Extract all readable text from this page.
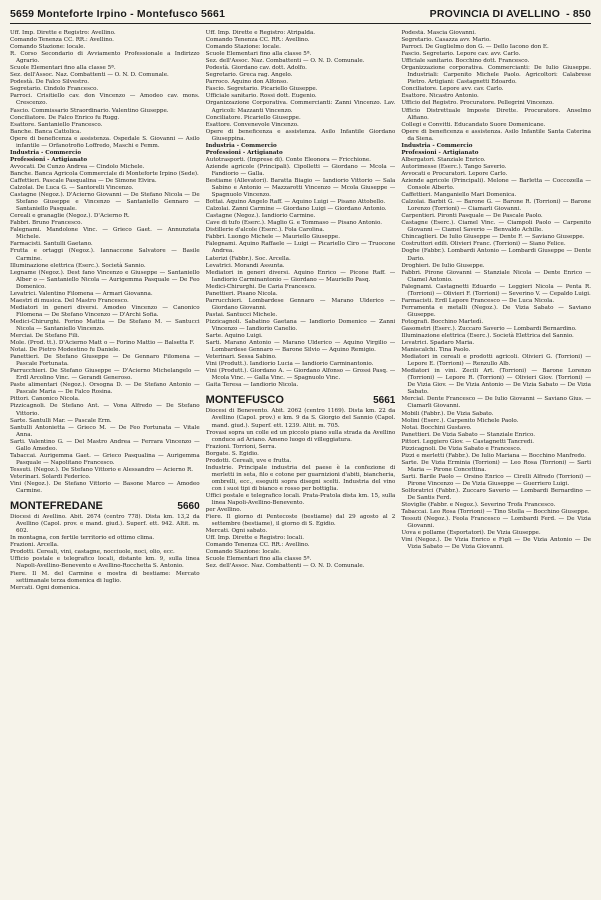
5659 Monteforte Irpino - Montefusco 5661	PROVINCIA DI AVELLINO - 850

Uff. Imp. Dirette e Registro: Avellino.

Comando Tenenza CC. RR.: Avellino.

Comando Stazione: locale.

R. Corso Secondario di Avviamento Professionale a Indirizzo Agrario.

Scuole Elementari fino alla classe 5ª.

Sez. dell'Assoc. Naz. Combattenti — O. N. D. Comunale.

Podestà. De Falco Silvestro.

Segretario. Cindolo Francesco.

Parroci. Crisitiello cav. don Vincenzo — Amodeo cav. mons. Crescenzo.

Fascio. Commissario Straordinario. Valentino Giuseppe.

Conciliatore. De Falco Enrico fu Rugg.

Esattore. Santaniello Francesco.

Banche. Banca Cattolica.

Opere di beneficenza e assistenza. Ospedale S. Giovanni — Asilo infantile — Orfanotrofio Loffredo, Maschi e Femm.

Industria - Commercio

Professioni - Artigianato

Avvocati. De Cunzo Andrea — Cindolo Michele.

Banche. Banca Agricola Commerciale di Monteforte Irpino (Sede).

Caffettieri. Pascale Pasqualina — De Simone Elvira.

Calzolai. De Luca G. — Santorelli Vincenzo.

Castagne (Negoz.). D'Acierno Giovanni — De Stefano Nicola — De Stefano Giuseppe e Vincenzo — Santaniello Gennaro — Santaniello Pasquale.

Cereali e granaglie (Negoz.). D'Acierno R.

Fabbri. Bruno Francesco.

Falegnami. Mandolone Vinc. — Grieco Gaet. — Annunziata Michele.

Farmacisti. Santulli Gaetano.

Frutta e ortaggi (Negoz.). Iannaccone Salvatore — Basile Carmine.

Illuminazione elettrica (Eserc.). Società Sannio.

Legname (Negoz.). Dest fano Vincenzo e Giuseppe — Santaniello Alber o — Santaniello Nicola — Aurigemma Pasquale — De Feo Domenico.

Levatrici. Valentino Filomena — Armari Giovanna.

Maestri di musica. Del Mastro Francesco.

Mediatori in generi diversi. Amodeo Vincenzo — Canonico Filomena — De Stefano Vincenzo — D'Archi Sofia.

Medici-Chirurghi. Forino Mattia — De Stefano M. — Santucci Nicola — Santaniello Vincenzo.

Merciai. De Stefano Fili.

Mole. (Prod. tt.). D'Acierno Matt o — Forino Mattio — Balsetta F.

Notai. De Pietro Modestino fu Daniele.

Panettieri. De Stefano Giuseppe — De Gennaro Filomena — Pascale Fortunata.

Parrucchieri. De Stefano Giuseppe — D'Acierno Michelangelo — Erdl Arcolino Vinc. — Gerandi Generoso.

Paste alimentari (Negoz.). Orsogna D. — De Stefano Antonio — Pascale Maria — De Falco Rosina.

Pittori. Canonico Nicola.

Pizzicagnoli. De Stefano Ant. — Vona Alfredo — De Stefano Vittorio.

Sarte. Santulli Mar. — Pascale Erm.

Santulli Antonietta — Grieco M. — De Feo Fortunata — Vitale Anna.

Sarti. Valentino G. — Del Mastro Andrea — Ferrara Vincenzo — Gallo Amedeo.

Tabaccai. Aurigemma Gaet. — Grieco Pasqualina — Aurigemma Pasquale — Napolitano Francesco.

Tessuti. (Negoz.). De Stefano Vittorio e Alessandro — Acierno R.

Veterinari. Solardi Federico.

Vini (Negoz.). De Stefano Vittorio — Basone Marco — Amodeo Carmine.

MONTEFREDANE	5660

Diocesi di Avellino. Abit. 2674 (centro 778). Dista km. 13,2 da Avellino (Capol. prov. e mand. giud.). Superf. ett. 942. Altit. m. 602.

In montagna, con fertile territorio ed ottimo clima.

Frazioni. Arcella.

Prodotti. Cereali, vini, castagne, nocciuole, noci, olio, ecc.

Ufficio postale e telegrafico locali, distante km. 9, sulla linea Napoli-Avellino-Benevento e Avellino-Rocchetta S. Antonio.

Fiere. Il M. del Carmine e mostra di bestiame: Mercato settimanale terza domenica di luglio.

Mercati. Ogni domenica.

Uff. Imp. Dirette e Registro: Atripalda.

Comando Tenenza CC. RR.: Avellino.

Comando Stazione: locale.

Scuole Elementari fino alla classe 5ª.

Sez. dell'Assoc. Naz. Combattenti — O. N. D. Comunale.

Podestà. Giordano cav. dott. Adolfo.

Segretario. Greca rag. Angelo.

Parroco. Aquino don Alfonso.

Fascio. Segretario. Picariello Giuseppe.

Ufficiale sanitario. Rossi dott. Eugenio.

Organizzazione Corporativa. Commercianti: Zanni Vincenzo. Lav. Agricoli: Mazzanti Vincenzo.

Conciliatore. Picariello Giuseppe.

Esattore. Convenevole Vincenzo.

Opere di beneficenza e assistenza. Asilo Infantile Giordano Giuseppina.

Industria - Commercio

Professioni - Artigianato

Autotrasporti. (Imprese di). Conte Eleonora — Fricchione.

Aziende agricole (Principali). Cipolletti — Giordano — Mcola — Fandiorio — Galla.

Bestiame (Allevatori). Baratta Biagio — Iandiorio Vittorio — Sala Sabino e Antonio — Mazzarotti Vincenzo — Mcola Giuseppe — Spagnuolo Vincenzo.

Bottai. Aquino Angelo Raff. — Aquino Luigi — Pisano Attobello.

Calzolai. Zanni Carmine — Giordano Luigi — Giordano Antonio.

Castagne (Negoz.). Iandiorio Carmine.

Cave di tufo (Eserc.). Maglio G. e Tommaso — Pisano Antonio.

Distillerie d'alcole (Eserc.). Fola Carolina.

Fabbri. Luongo Michele — Mauriello Giuseppe.

Falegnami. Aquino Raffaele — Luigi — Picariello Ciro — Truocone Andrea.

Laterizi (Fabbr.). Soc. Arcella.

Levatrici. Morandi Assunta.

Mediatori in generi diversi. Aquino Enrico — Picone Raff. — Iandiorio Carminantonio — Giordano — Mauriello Pasq.

Medici-Chirurghi. De Caria Francesco.

Panettieri. Pisano Nicola.

Parrucchieri. Lombardese Gennaro — Marano Ulderico — Giordano Giovanni.

Pastai. Santucci Michele.

Pizzicagnoli. Sabatino Gaetana — Iandiorio Domenico — Zanni Vincenzo — Iandiorio Canelio.

Sarte. Aquino Luigi.

Sarti. Marano Antonio — Marano Ulderico — Aquino Virgilio — Lombardese Gennaro — Barone Silvio — Aquino Remigio.

Veterinari. Sessa Sabino.

Vini (Produtt.). Iandiorio Lucia — Iandiorio Carminantonio.

Vini (Produtt.). Giordano A. — Giordano Alfonso — Grossi Pasq. — Mcola Vinc. — Galla Vinc. — Spagnuolo Vinc.

Gaita Teresa — Iandiorio Nicola.

MONTEFUSCO	5661

Diocesi di Benevento. Abit. 2062 (centro 1169). Dista km. 22 da Avellino (Capol. prov.) e km. 9 da S. Giorgio del Sannio (Capol. mand. giud.). Superf. ett. 1239. Altit. m. 705.

Trovasi sopra un colle ed un piccolo piano sulla strada da Avellino conduce ad Ariano. Ameno luogo di villeggiatura.

Frazioni. Torrioni, Serra.

Borgate. S. Egidio.

Prodotti. Cereali, uve e frutta.

Industrie. Principale industria del paese è la confezione di merletti in seta, filo e cotone per guarnizioni d'abiti, biancheria, ombrelli, ecc., eseguiti sopra disegni scelti. Industria del vino con i suoi tipi di bianco e rosso per bottiglia.

Uffici postale e telegrafico locali. Prata-Pratola dista km. 15, sulla linea Napoli-Avellino-Benevento.

per Avellino.

Fiere. Il giorno di Pentecoste (bestiame) dal 29 agosto al 2 settembre (bestiame), il giorno di S. Egidio.

Mercati. Ogni sabato.

Uff. Imp. Dirette e Registro: locali.

Comando Tenenza CC. RR.: Avellino.

Comando Stazione: locale.

Scuole Elementari fino alla classe 5ª.

Sez. dell'Assoc. Naz. Combattenti — O. N. D. Comunale.

Podestà. Mascia Giovanni.

Segretario. Casazza avv. Mario.

Parroci. De Guglielmo don G. — Dello Iacono don E.

Fascio. Segretario. Lepore cav. avv. Carlo.

Ufficiale sanitario. Bocchino dott. Francesco.

Organizzazione corporativa. Commercianti: De Iulio Giuseppe. Industriali: Carpenito Michele Paolo. Agricoltori: Calabrese Pietro. Artigiani: Castagnetti Edoardo.

Conciliatore. Lepore avv. cav. Carlo.

Esattore. Nicastro Antonio.

Ufficio del Registro. Procuratore. Pellegrini Vincenzo.

Ufficio Distrettuale Imposte Dirette. Procuratore. Anselmo Alfiano.

Collegi e Convitti. Educandato Suore Domenicane.

Opere di beneficenza e assistenza. Asilo Infantile Santa Caterina da Siena.

Industria - Commercio

Professioni - Artigianato

Albergatori. Stanziale Enrico.

Autorimesse (Eserc.). Tango Saverio.

Avvocati e Procuratori. Lepore Carlo.

Aziende agricole (Principali). Melone — Barletta — Coccozella — Console Alberto.

Caffettieri. Manganiello Mari Domenica.

Calzolai. Barbit G. — Barone G. — Barone R. (Torrioni) — Barone Lorenzo (Torrioni) — Ciamarli Giovanni.

Carpentieri. Pironti Pasquale — De Pascale Paolo.

Castagne (Eserc.). Ciamel Vinc. — Ciampoli Paolo — Carpenito Giovanni — Ciamel Saverio — Benvaldo Achille.

Chincaglieri. De Iulio Giuseppe — Dente F. — Saviano Giuseppe.

Costruttori edili. Olivieri Franc. (Torrioni) — Siano Felice.

Doghe (Fabbr.). Lombardi Antonio — Lombardi Giuseppe — Dente Dario.

Droghieri. De Iulio Giuseppe.

Fabbri. Pirone Giovanni — Stanziale Nicola — Dente Enrico — Ciamel Antonio.

Falegnami. Castagnetti Eduardo — Leggieri Nicola — Penta R. (Torrioni) — Olivieri F. (Torrioni) — Severino V. — Cepaldo Luigi.

Farmacisti. Erdl Lepore Francesco — De Luca Nicola.

Ferramenta e metalli (Negoz.). De Vizia Sabato — Saviano Giuseppe.

Fotografi. Bocchino Martedì.

Gasometri (Eserc.). Zuccaro Saverio — Lombardi Bernardino.

Illuminazione elettrica (Eserc.). Società Elettrica del Sannio.

Levatrici. Spadaro Maria.

Maniscalchi. Tina Paolo.

Mediatori in cereali e prodotti agricoli. Olivieri G. (Torrioni) — Lepore E. (Torrioni) — Renzullo Alb.

Mediatori in vini. Zecili Art. (Torrioni) — Barone Lorenzo (Torrioni) — Lepore R. (Torrioni) — Olivieri Giov. (Torrioni) — De Vizia Giov. — De Vizia Antonio — De Vizia Sabato — De Vizia Sabato.

Mercial. Dente Francesco — De Iulio Giovanni — Saviano Gius. — Ciamarli Giovanni.

Mobili (Fabbr.). De Vizia Sabato.

Molini (Eserc.). Carpenito Michele Paolo.

Notai. Bocchini Gustavo.

Panettieri. De Vizia Sabato — Stanziale Enrico.

Pittori. Leggiero Giov. — Castagnetti Tancredi.

Pizzicagnoli. De Vizia Sabato e Francesco.

Pizzi e merletti (Fabbr.). De Iulio Mariana — Bocchino Manfredo.

Sarte. De Vizia Erminia (Torrioni) — Leo Rosa (Torrioni) — Sarti Maria — Pirone Concettina.

Sarti. Barile Paolo — Orsino Enrico — Cirelli Alfredo (Torrioni) — Pirone Vincenzo — De Vizia Giuseppe — Guerriero Luigi.

Solforatrici (Fabbr.). Zuccaro Saverio — Lombardi Bernardino — De Santis Ferd.

Stoviglie (Fabbr. e Negoz.). Severino Trofa Francesco.

Tabaccai. Leo Rosa (Torrioni) — Tino Stella — Bocchino Giuseppe.

Tessuti (Negoz.). Feola Francesco — Lombardi Ferd. — De Vizia Giovanni.

Uova e pollame (Esportatori). De Vizia Giuseppe.

Vini (Negoz.). De Vizia Enrico e Figli — De Vizia Antonio — De Vizia Sabato — De Vizia Giovanni.
